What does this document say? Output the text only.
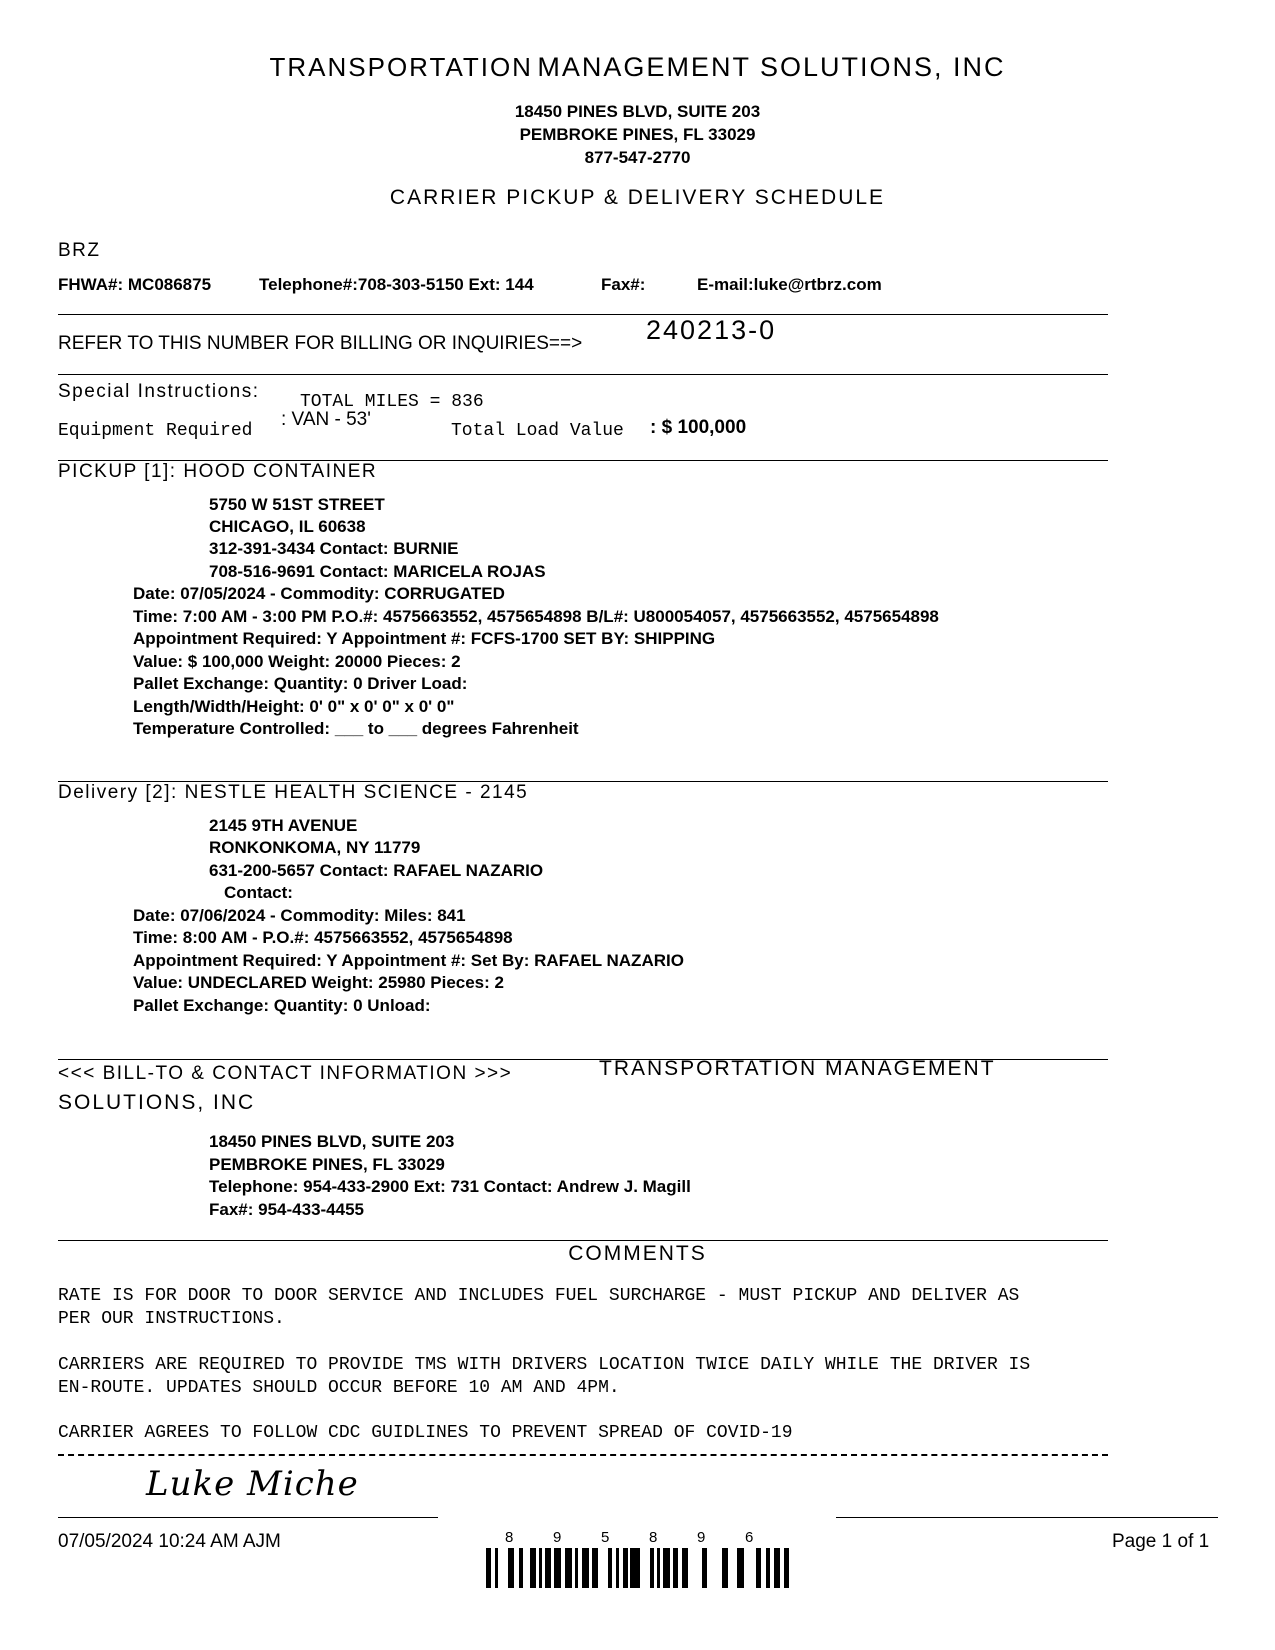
TRANSPORTATION MANAGEMENT SOLUTIONS, INC
18450 PINES BLVD, SUITE 203
PEMBROKE PINES, FL 33029
877-547-2770
CARRIER PICKUP & DELIVERY SCHEDULE
BRZ
FHWA#: MC086875	Telephone#:708-303-5150 Ext: 144	Fax#:	E-mail:luke@rtbrz.com
REFER TO THIS NUMBER FOR BILLING OR INQUIRIES==> 240213-0
Special Instructions: TOTAL MILES = 836
Equipment Required
: VAN - 53'
Total Load Value : $ 100,000
PICKUP [1]: HOOD CONTAINER
5750 W 51ST STREET
CHICAGO, IL 60638
312-391-3434 Contact: BURNIE
708-516-9691 Contact: MARICELA ROJAS
Date: 07/05/2024 - Commodity: CORRUGATED
Time: 7:00 AM - 3:00 PM P.O.#: 4575663552, 4575654898 B/L#: U800054057, 4575663552, 4575654898
Appointment Required: Y Appointment #: FCFS-1700 SET BY: SHIPPING
Value: $ 100,000 Weight: 20000 Pieces: 2
Pallet Exchange: Quantity: 0 Driver Load:
Length/Width/Height: 0' 0" x 0' 0" x 0' 0"
Temperature Controlled: ___ to ___ degrees Fahrenheit
Delivery [2]: NESTLE HEALTH SCIENCE - 2145
2145 9TH AVENUE
RONKONKOMA, NY 11779
631-200-5657 Contact: RAFAEL NAZARIO
Contact:
Date: 07/06/2024 - Commodity: Miles: 841
Time: 8:00 AM - P.O.#: 4575663552, 4575654898
Appointment Required: Y Appointment #: Set By: RAFAEL NAZARIO
Value: UNDECLARED Weight: 25980 Pieces: 2
Pallet Exchange: Quantity: 0 Unload:
<<< BILL-TO & CONTACT INFORMATION >>>	TRANSPORTATION MANAGEMENT
SOLUTIONS, INC
18450 PINES BLVD, SUITE 203
PEMBROKE PINES, FL 33029
Telephone: 954-433-2900 Ext: 731 Contact: Andrew J. Magill
Fax#: 954-433-4455
COMMENTS
RATE IS FOR DOOR TO DOOR SERVICE AND INCLUDES FUEL SURCHARGE - MUST PICKUP AND DELIVER AS
PER OUR INSTRUCTIONS.
CARRIERS ARE REQUIRED TO PROVIDE TMS WITH DRIVERS LOCATION TWICE DAILY WHILE THE DRIVER IS
EN-ROUTE. UPDATES SHOULD OCCUR BEFORE 10 AM AND 4PM.
CARRIER AGREES TO FOLLOW CDC GUIDLINES TO PREVENT SPREAD OF COVID-19
Luke Miche
07/05/2024 10:24 AM AJM	Page 1 of 1
8	9	5	8	9	6
